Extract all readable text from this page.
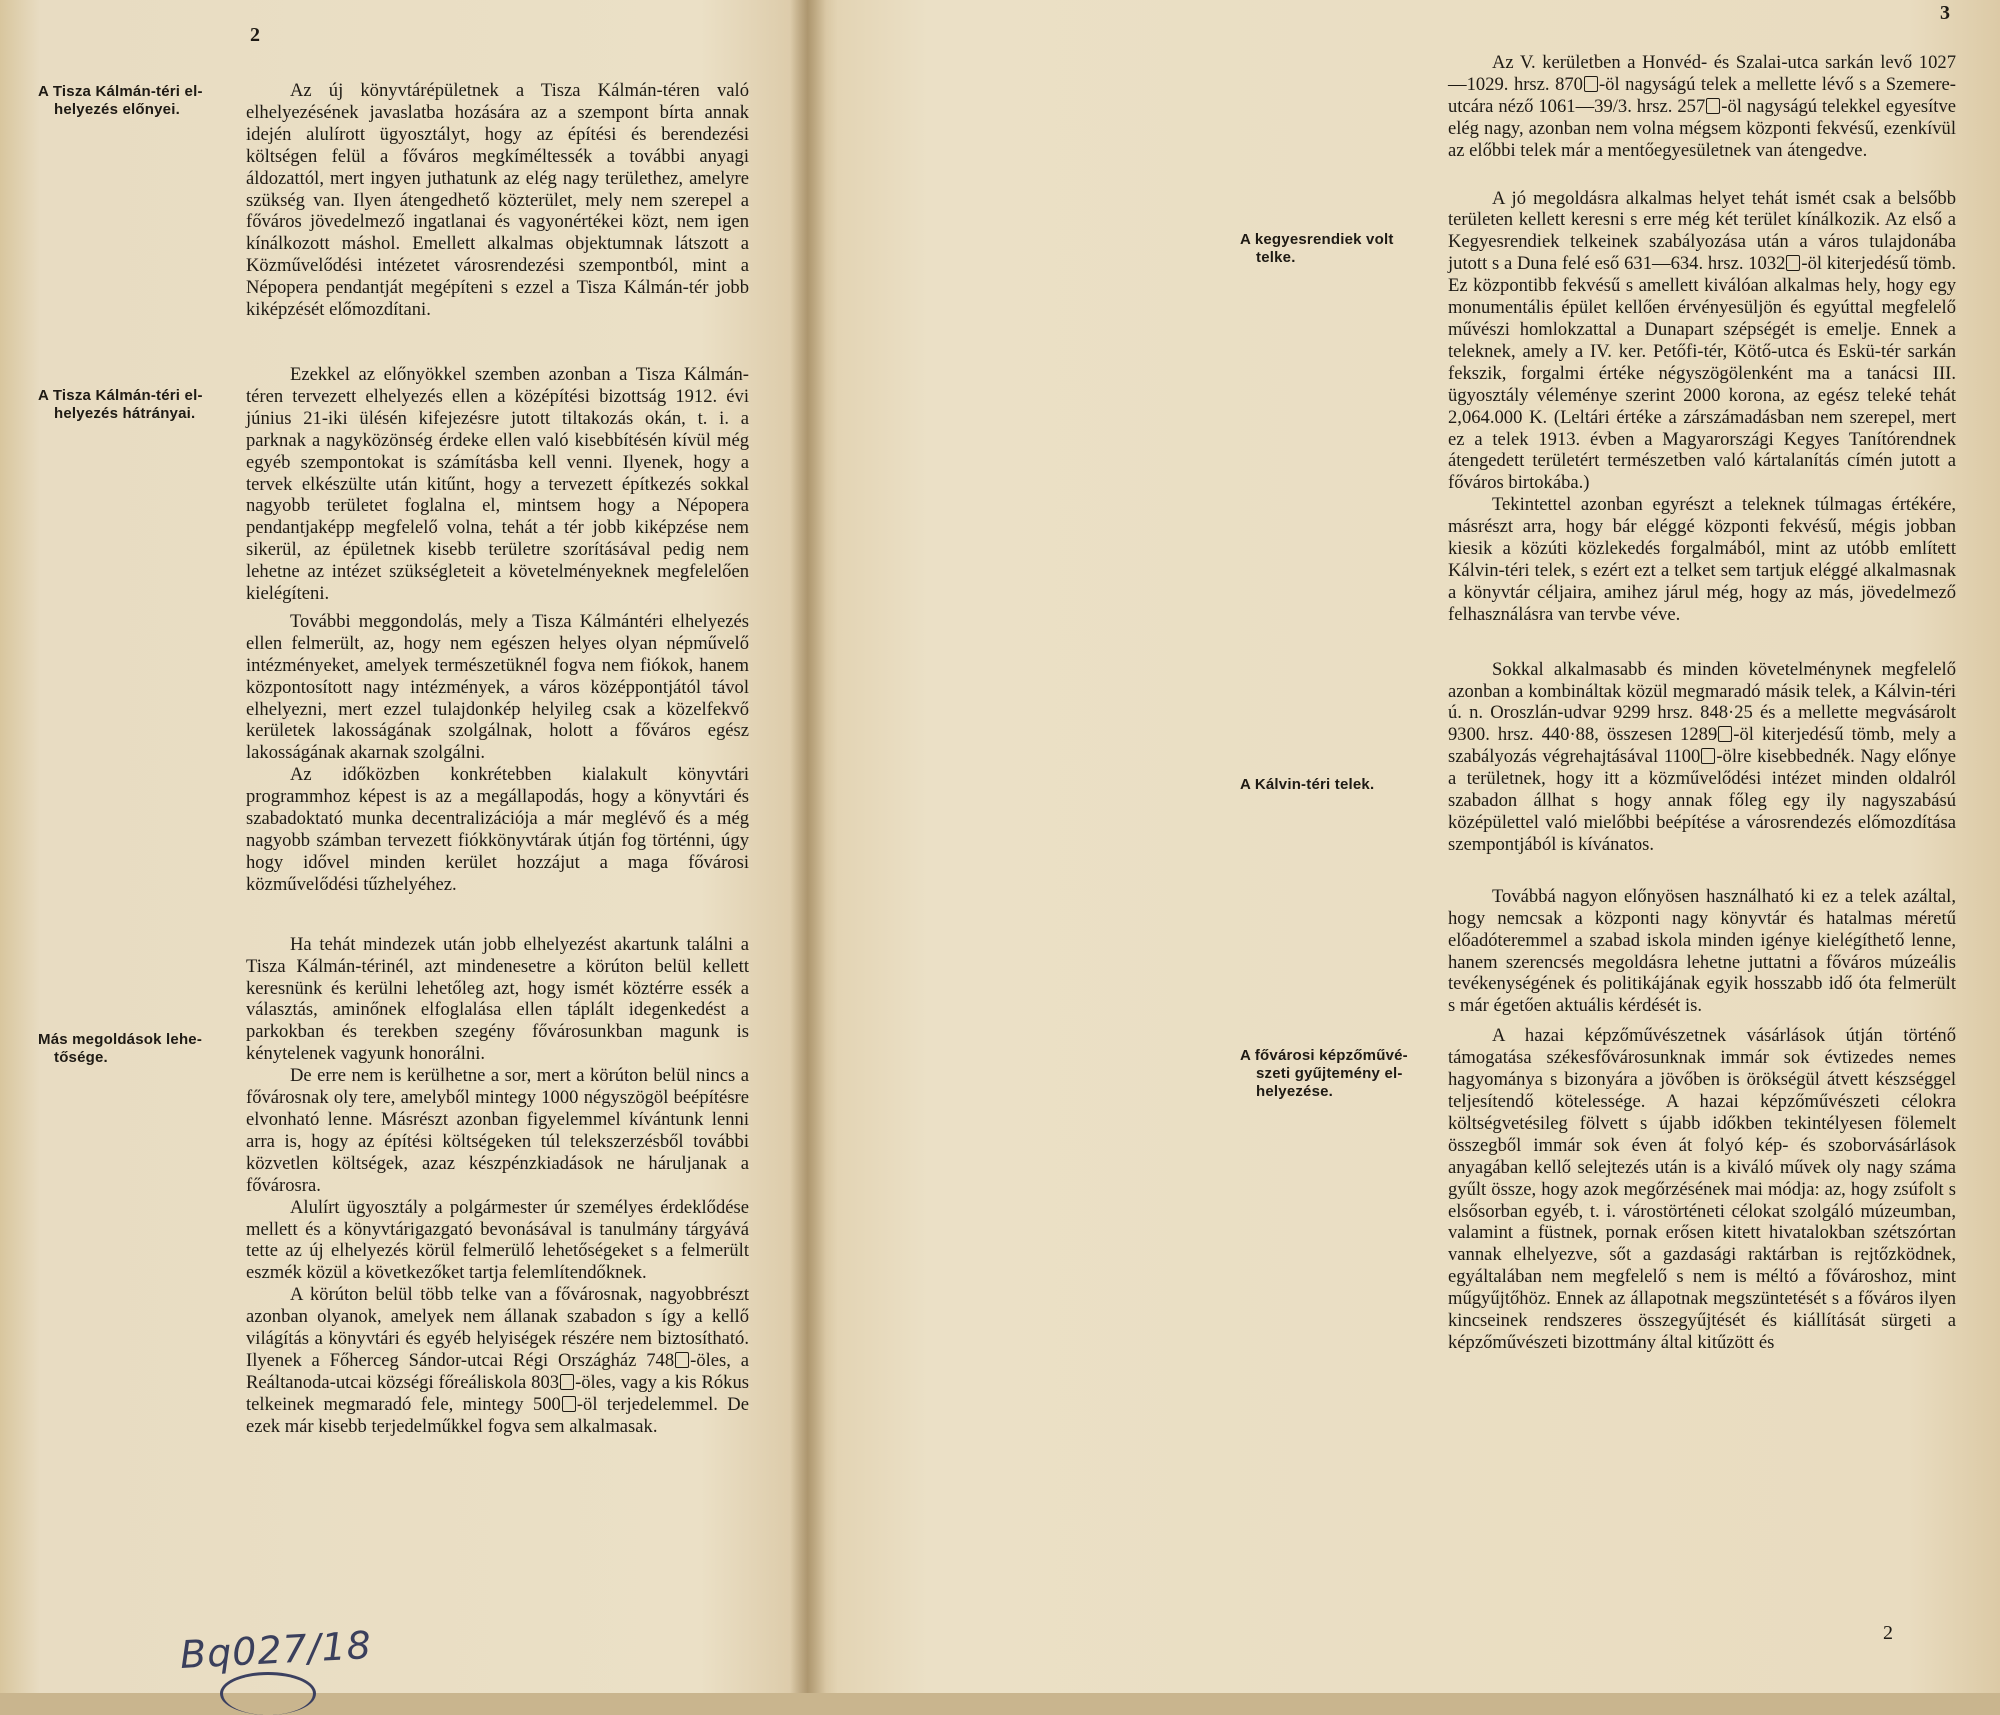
2
A Tisza Kálmán-téri el-
helyezés előnyei.
A Tisza Kálmán-téri el-
helyezés hátrányai.
Más megoldások lehe-
tősége.

Az új könyvtárépületnek a Tisza Kálmán-téren való elhelyezésének javaslatba hozására az a szempont bírta annak idején alulírott ügyosztályt, hogy az építési és berendezési költségen felül a főváros megkíméltessék a további anyagi áldozattól, mert ingyen juthatunk az elég nagy területhez, amelyre szükség van. Ilyen átengedhető közterület, mely nem szerepel a főváros jövedelmező ingatlanai és vagyonértékei közt, nem igen kínálkozott máshol. Emellett alkalmas objektumnak látszott a Közművelődési intézetet városrendezési szempontból, mint a Népopera pendantját megépíteni s ezzel a Tisza Kálmán-tér jobb kiképzését előmozdítani.

Ezekkel az előnyökkel szemben azonban a Tisza Kálmán-téren tervezett elhelyezés ellen a középítési bizottság 1912. évi június 21-iki ülésén kifejezésre jutott tiltakozás okán, t. i. a parknak a nagyközönség érdeke ellen való kisebbítésén kívül még egyéb szempontokat is számításba kell venni. Ilyenek, hogy a tervek elkészülte után kitűnt, hogy a tervezett építkezés sokkal nagyobb területet foglalna el, mintsem hogy a Népopera pendantjaképp megfelelő volna, tehát a tér jobb kiképzése nem sikerül, az épületnek kisebb területre szorításával pedig nem lehetne az intézet szükségleteit a követelményeknek megfelelően kielégíteni.

További meggondolás, mely a Tisza Kálmántéri elhelyezés ellen felmerült, az, hogy nem egészen helyes olyan népművelő intézményeket, amelyek természetüknél fogva nem fiókok, hanem központosított nagy intézmények, a város középpontjától távol elhelyezni, mert ezzel tulajdonkép helyileg csak a közelfekvő kerületek lakosságának szolgálnak, holott a főváros egész lakosságának akarnak szolgálni.

Az időközben konkrétebben kialakult könyvtári programmhoz képest is az a megállapodás, hogy a könyvtári és szabadoktató munka decentralizációja a már meglévő és a még nagyobb számban tervezett fiókkönyvtárak útján fog történni, úgy hogy idővel minden kerület hozzájut a maga fővárosi közművelődési tűzhelyéhez.

Ha tehát mindezek után jobb elhelyezést akartunk találni a Tisza Kálmán-térinél, azt mindenesetre a körúton belül kellett keresnünk és kerülni lehetőleg azt, hogy ismét köztérre essék a választás, aminőnek elfoglalása ellen táplált idegenkedést a parkokban és terekben szegény fővárosunkban magunk is kénytelenek vagyunk honorálni.

De erre nem is kerülhetne a sor, mert a körúton belül nincs a fővárosnak oly tere, amelyből mintegy 1000 négyszögöl beépítésre elvonható lenne. Másrészt azonban figyelemmel kívántunk lenni arra is, hogy az építési költségeken túl telekszerzésből további közvetlen költségek, azaz készpénzkiadások ne háruljanak a fővárosra.

Alulírt ügyosztály a polgármester úr személyes érdeklődése mellett és a könyvtárigazgató bevonásával is tanulmány tárgyává tette az új elhelyezés körül felmerülő lehetőségeket s a felmerült eszmék közül a következőket tartja felemlítendőknek.

A körúton belül több telke van a fővárosnak, nagyobbrészt azonban olyanok, amelyek nem állanak szabadon s így a kellő világítás a könyvtári és egyéb helyiségek részére nem biztosítható. Ilyenek a Főherceg Sándor-utcai Régi Országház 748 -öles, a Reáltanoda-utcai községi főreáliskola 803 -öles, vagy a kis Rókus telkeinek megmaradó fele, mintegy 500 -öl terjedelemmel. De ezek már kisebb terjedelműkkel fogva sem alkalmasak.

Bq027/18
3
A kegyesrendiek volt
telke.
A Kálvin-téri telek.
A fővárosi képzőművé-
szeti gyűjtemény el-
helyezése.

Az V. kerületben a Honvéd- és Szalai-utca sarkán levő 1027—1029. hrsz. 870 -öl nagyságú telek a mellette lévő s a Szemere-utcára néző 1061—39/3. hrsz. 257 -öl nagyságú telekkel egyesítve elég nagy, azonban nem volna mégsem központi fekvésű, ezenkívül az előbbi telek már a mentőegyesületnek van átengedve.

A jó megoldásra alkalmas helyet tehát ismét csak a belsőbb területen kellett keresni s erre még két terület kínálkozik. Az első a Kegyesrendiek telkeinek szabályozása után a város tulajdonába jutott s a Duna felé eső 631—634. hrsz. 1032 -öl kiterjedésű tömb. Ez központibb fekvésű s amellett kiválóan alkalmas hely, hogy egy monumentális épület kellően érvényesüljön és egyúttal megfelelő művészi homlokzattal a Dunapart szépségét is emelje. Ennek a teleknek, amely a IV. ker. Petőfi-tér, Kötő-utca és Eskü-tér sarkán fekszik, forgalmi értéke négyszögölenként ma a tanácsi III. ügyosztály véleménye szerint 2000 korona, az egész teleké tehát 2,064.000 K. (Leltári értéke a zárszámadásban nem szerepel, mert ez a telek 1913. évben a Magyarországi Kegyes Tanítórendnek átengedett területért természetben való kártalanítás címén jutott a főváros birtokába.)

Tekintettel azonban egyrészt a teleknek túlmagas értékére, másrészt arra, hogy bár eléggé központi fekvésű, mégis jobban kiesik a közúti közlekedés forgalmából, mint az utóbb említett Kálvin-téri telek, s ezért ezt a telket sem tartjuk eléggé alkalmasnak a könyvtár céljaira, amihez járul még, hogy az más, jövedelmező felhasználásra van tervbe véve.

Sokkal alkalmasabb és minden követelménynek megfelelő azonban a kombináltak közül megmaradó másik telek, a Kálvin-téri ú. n. Oroszlán-udvar 9299 hrsz. 848·25 és a mellette megvásárolt 9300. hrsz. 440·88, összesen 1289 -öl kiterjedésű tömb, mely a szabályozás végrehajtásával 1100 -ölre kisebbednék. Nagy előnye a területnek, hogy itt a közművelődési intézet minden oldalról szabadon állhat s hogy annak főleg egy ily nagyszabású középülettel való mielőbbi beépítése a városrendezés előmozdítása szempontjából is kívánatos.

Továbbá nagyon előnyösen használható ki ez a telek azáltal, hogy nemcsak a központi nagy könyvtár és hatalmas méretű előadóteremmel a szabad iskola minden igénye kielégíthető lenne, hanem szerencsés megoldásra lehetne juttatni a főváros múzeális tevékenységének és politikájának egyik hosszabb idő óta felmerült s már égetően aktuális kérdését is.

A hazai képzőművészetnek vásárlások útján történő támogatása székesfővárosunknak immár sok évtizedes nemes hagyománya s bizonyára a jövőben is örökségül átvett készséggel teljesítendő kötelessége. A hazai képzőművészeti célokra költségvetésileg fölvett s újabb időkben tekintélyesen fölemelt összegből immár sok éven át folyó kép- és szoborvásárlások anyagában kellő selejtezés után is a kiváló művek oly nagy száma gyűlt össze, hogy azok megőrzésének mai módja: az, hogy zsúfolt s elsősorban egyéb, t. i. várostörténeti célokat szolgáló múzeumban, valamint a füstnek, pornak erősen kitett hivatalokban szétszórtan vannak elhelyezve, sőt a gazdasági raktárban is rejtőzködnek, egyáltalában nem megfelelő s nem is méltó a fővároshoz, mint műgyűjtőhöz. Ennek az állapotnak megszüntetését s a főváros ilyen kincseinek rendszeres összegyűjtését és kiállítását sürgeti a képzőművészeti bizottmány által kitűzött és

2
